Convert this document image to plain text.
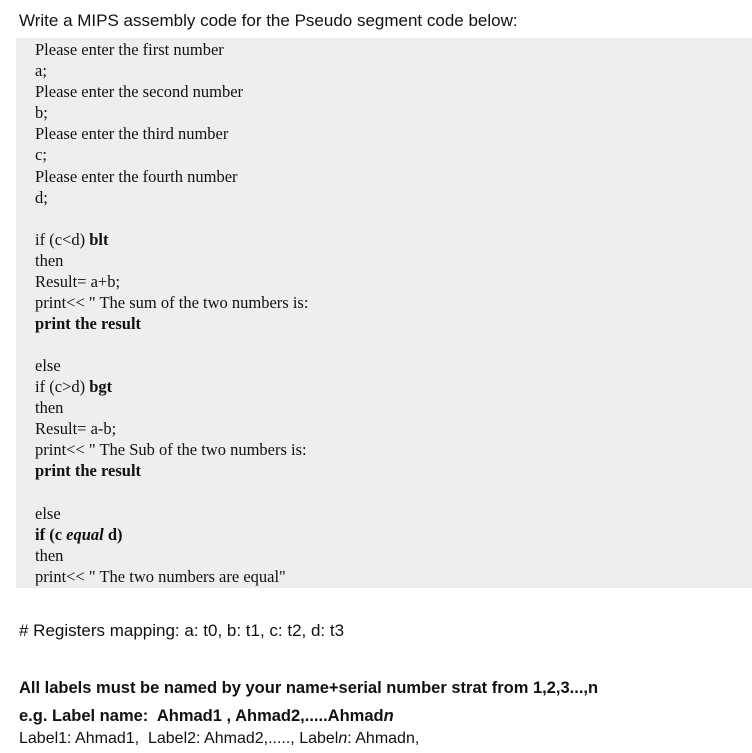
Write a MIPS assembly code for the Pseudo segment code below:
Please enter the first number
a;
Please enter the second number
b;
Please enter the third number
c;
Please enter the fourth number
d;
if (c<d) blt
then
Result= a+b;
print<< " The sum of the two numbers is:
print the result
else
if (c>d) bgt
then
Result= a-b;
print<< " The Sub of the two numbers is:
print the result
else
if (c equal d)
then
print<< " The two numbers are equal"
# Registers mapping: a: t0, b: t1, c: t2, d: t3
All labels must be named by your name+serial number strat from 1,2,3...,n
e.g. Label name:  Ahmad1 , Ahmad2,.....Ahmadn
Label1: Ahmad1,  Label2: Ahmad2,....., Labeln: Ahmadn,
